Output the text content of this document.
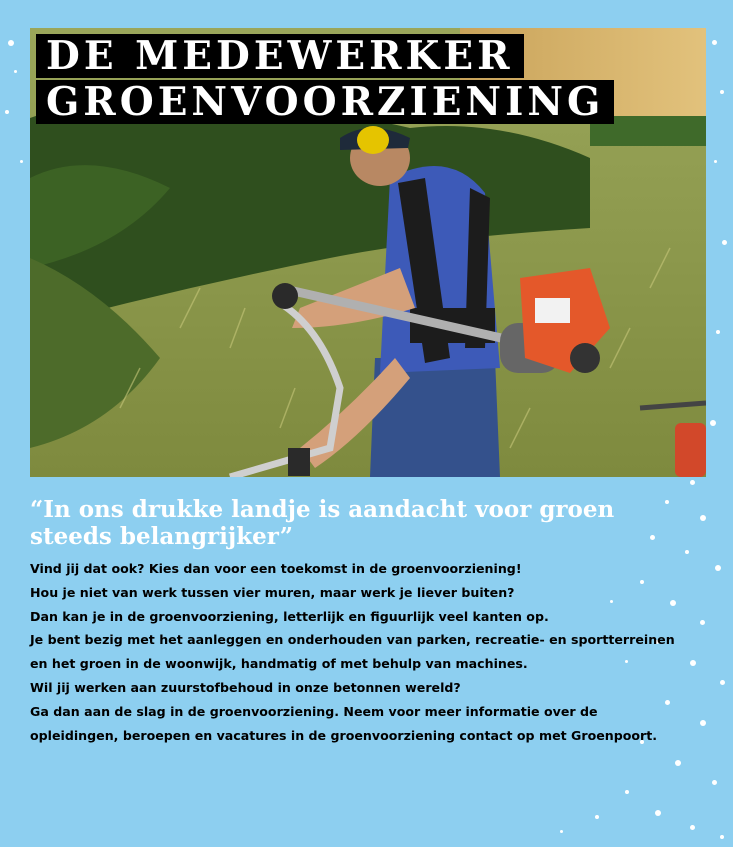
DE MEDEWERKER
GROENVOORZIENING
“In ons drukke landje is aandacht voor groen steeds belangrijker”

Vind jij dat ook? Kies dan voor een toekomst in de groenvoorziening!

Hou je niet van werk tussen vier muren, maar werk je liever buiten?

Dan kan je in de groenvoorziening, letterlijk en figuurlijk veel kanten op.

Je bent bezig met het aanleggen en onderhouden van parken, recreatie- en sportterreinen en het groen in de woonwijk, handmatig of met behulp van machines.

Wil jij werken aan zuurstofbehoud in onze betonnen wereld?

Ga dan aan de slag in de groenvoorziening. Neem voor meer informatie over de opleidingen, beroepen en vacatures in de groenvoorziening contact op met Groenpoort.
